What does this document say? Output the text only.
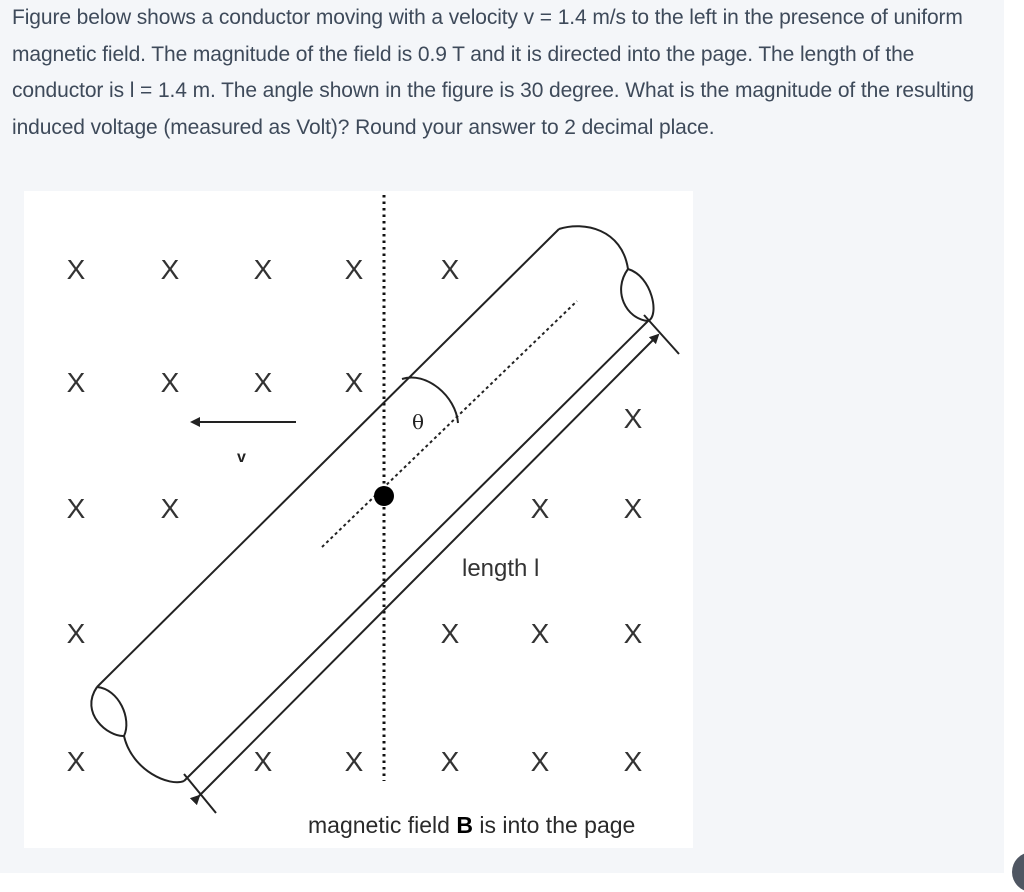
Figure below shows a conductor moving with a velocity v = 1.4 m/s to the left in the presence of uniform magnetic field. The magnitude of the field is 0.9 T and it is directed into the page. The length of the conductor is l = 1.4 m. The angle shown in the figure is 30 degree. What is the magnitude of the resulting induced voltage (measured as Volt)? Round your answer to 2 decimal place.

X	X	X	X	X
X	X	X	X
X
X	X	X	X
X	X	X	X
X	X	X	X	X	X
length l
θ
v
magnetic field B is into the page
